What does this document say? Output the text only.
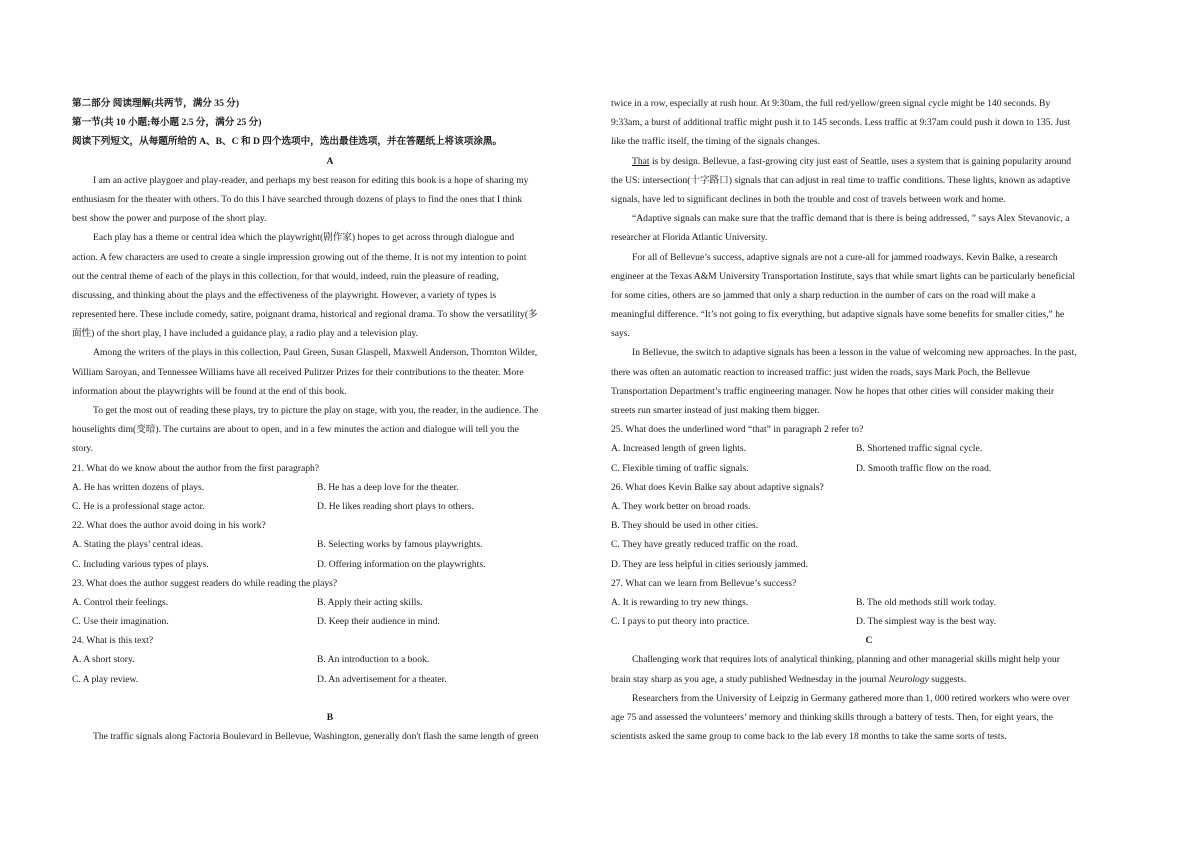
第二部分 阅读理解(共两节，满分 35 分)
第一节(共 10 小题;每小题 2.5 分，满分 25 分)
阅读下列短文，从每题所给的 A、B、C 和 D 四个选项中，选出最佳选项，并在答题纸上将该项涂黑。
A
I am an active playgoer and play-reader, and perhaps my best reason for editing this book is a hope of sharing my
enthusiasm for the theater with others. To do this I have searched through dozens of plays to find the ones that I think
best show the power and purpose of the short play.
Each play has a theme or central idea which the playwright(剧作家) hopes to get across through dialogue and
action. A few characters are used to create a single impression growing out of the theme. It is not my intention to point
out the central theme of each of the plays in this collection, for that would, indeed, ruin the pleasure of reading,
discussing, and thinking about the plays and the effectiveness of the playwright. However, a variety of types is
represented here. These include comedy, satire, poignant drama, historical and regional drama. To show the versatility(多
面性) of the short play, I have included a guidance play, a radio play and a television play.
Among the writers of the plays in this collection, Paul Green, Susan Glaspell, Maxwell Anderson, Thornton Wilder,
William Saroyan, and Tennessee Williams have all received Pulitzer Prizes for their contributions to the theater. More
information about the playwrights will be found at the end of this book.
To get the most out of reading these plays, try to picture the play on stage, with you, the reader, in the audience. The
houselights dim(变暗). The curtains are about to open, and in a few minutes the action and dialogue will tell you the
story.
21. What do we know about the author from the first paragraph?
A. He has written dozens of plays.	B. He has a deep love for the theater.
C. He is a professional stage actor.	D. He likes reading short plays to others.
22. What does the author avoid doing in his work?
A. Stating the plays’ central ideas.	B. Selecting works by famous playwrights.
C. Including various types of plays.	D. Offering information on the playwrights.
23. What does the author suggest readers do while reading the plays?
A. Control their feelings.	B. Apply their acting skills.
C. Use their imagination.	D. Keep their audience in mind.
24. What is this text?
A. A short story.	B. An introduction to a book.
C. A play review.	D. An advertisement for a theater.
B
The traffic signals along Factoria Boulevard in Bellevue, Washington, generally don't flash the same length of green
twice in a row, especially at rush hour. At 9:30am, the full red/yellow/green signal cycle might be 140 seconds. By
9:33am, a burst of additional traffic might push it to 145 seconds. Less traffic at 9:37am could push it down to 135. Just
like the traffic itself, the timing of the signals changes.
That is by design. Bellevue, a fast-growing city just east of Seattle, uses a system that is gaining popularity around
the US: intersection(十字路口) signals that can adjust in real time to traffic conditions. These lights, known as adaptive
signals, have led to significant declines in both the trouble and cost of travels between work and home.
“Adaptive signals can make sure that the traffic demand that is there is being addressed, ” says Alex Stevanovic, a
researcher at Florida Atlantic University.
For all of Bellevue’s success, adaptive signals are not a cure-all for jammed roadways. Kevin Balke, a research
engineer at the Texas A&M University Transportation Institute, says that while smart lights can be particularly beneficial
for some cities, others are so jammed that only a sharp reduction in the number of cars on the road will make a
meaningful difference. “It’s not going to fix everything, but adaptive signals have some benefits for smaller cities,” he
says.
In Bellevue, the switch to adaptive signals has been a lesson in the value of welcoming new approaches. In the past,
there was often an automatic reaction to increased traffic: just widen the roads, says Mark Poch, the Bellevue
Transportation Department’s traffic engineering manager. Now he hopes that other cities will consider making their
streets run smarter instead of just making them bigger.
25. What does the underlined word “that” in paragraph 2 refer to?
A. Increased length of green lights.	B. Shortened traffic signal cycle.
C. Flexible timing of traffic signals.	D. Smooth traffic flow on the road.
26. What does Kevin Balke say about adaptive signals?
A. They work better on broad roads.
B. They should be used in other cities.
C. They have greatly reduced traffic on the road.
D. They are less helpful in cities seriously jammed.
27. What can we learn from Bellevue’s success?
A. It is rewarding to try new things.	B. The old methods still work today.
C. I pays to put theory into practice.	D. The simplest way is the best way.
C
Challenging work that requires lots of analytical thinking, planning and other managerial skills might help your
brain stay sharp as you age, a study published Wednesday in the journal Neurology suggests.
Researchers from the University of Leipzig in Germany gathered more than 1, 000 retired workers who were over
age 75 and assessed the volunteers’ memory and thinking skills through a battery of tests. Then, for eight years, the
scientists asked the same group to come back to the lab every 18 months to take the same sorts of tests.
